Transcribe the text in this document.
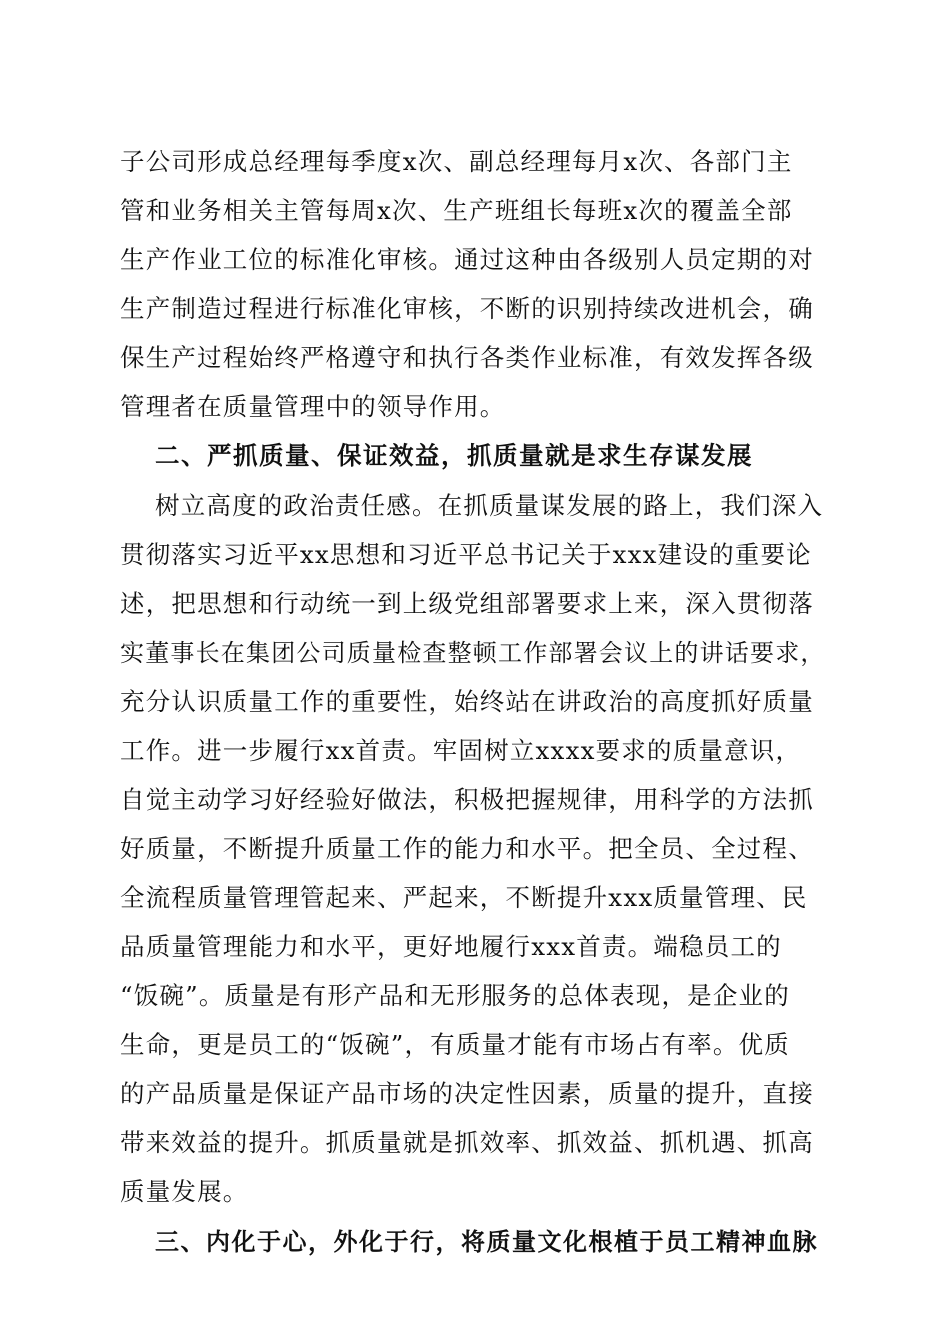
子公司形成总经理每季度x次、副总经理每月x次、各部门主
管和业务相关主管每周x次、生产班组长每班x次的覆盖全部
生产作业工位的标准化审核。通过这种由各级别人员定期的对
生产制造过程进行标准化审核，不断的识别持续改进机会，确
保生产过程始终严格遵守和执行各类作业标准，有效发挥各级
管理者在质量管理中的领导作用。
二、严抓质量、保证效益，抓质量就是求生存谋发展
树立高度的政治责任感。在抓质量谋发展的路上，我们深入
贯彻落实习近平xx思想和习近平总书记关于xxx建设的重要论
述，把思想和行动统一到上级党组部署要求上来，深入贯彻落
实董事长在集团公司质量检查整顿工作部署会议上的讲话要求，
充分认识质量工作的重要性，始终站在讲政治的高度抓好质量
工作。进一步履行xx首责。牢固树立xxxx要求的质量意识，
自觉主动学习好经验好做法，积极把握规律，用科学的方法抓
好质量，不断提升质量工作的能力和水平。把全员、全过程、
全流程质量管理管起来、严起来，不断提升xxx质量管理、民
品质量管理能力和水平，更好地履行xxx首责。端稳员工的
“饭碗”。质量是有形产品和无形服务的总体表现，是企业的
生命，更是员工的“饭碗”，有质量才能有市场占有率。优质
的产品质量是保证产品市场的决定性因素，质量的提升，直接
带来效益的提升。抓质量就是抓效率、抓效益、抓机遇、抓高
质量发展。
三、内化于心，外化于行，将质量文化根植于员工精神血脉
